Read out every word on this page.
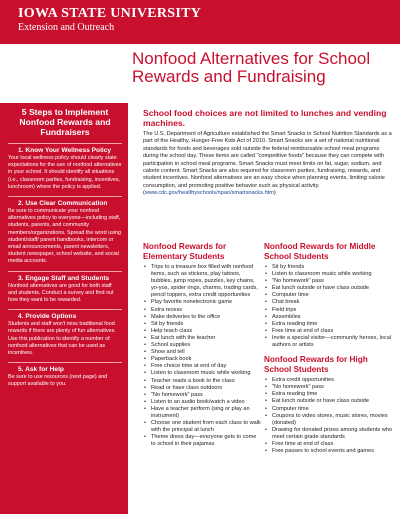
IOWA STATE UNIVERSITY
Extension and Outreach
Nonfood Alternatives for School Rewards and Fundraising
5 Steps to Implement Nonfood Rewards and Fundraisers
1. Know Your Wellness Policy
Your local wellness policy should clearly state expectations for the use of nonfood alternatives in your school. It should identify all situations (i.e., classroom parties, fundraising, incentives, lunchroom) where the policy is applied.
2. Use Clear Communication
Be sure to communicate your nonfood alternatives policy to everyone—including staff, students, parents, and community members/organizations. Spread the word using student/staff/ parent handbooks, intercom or email announcements, parent newsletters, student newspaper, school website, and social media accounts.
3. Engage Staff and Students
Nonfood alternatives are good for both staff and students. Conduct a survey and find out how they want to be rewarded.
4. Provide Options
Students and staff won't miss traditional food rewards if there are plenty of fun alternatives. Use this publication to identify a number of nonfood alternatives that can be used as incentives.
5. Ask for Help
Be sure to use resources (next page) and support available to you.
School food choices are not limited to lunches and vending machines.

The U.S. Department of Agriculture established the Smart Snacks in School Nutrition Standards as a part of the Healthy, Hunger-Free Kids Act of 2010. Smart Snacks are a set of national nutritional standards for foods and beverages sold outside the federal reimbursable school meal programs during the school day. These items are called "competitive foods" because they can compete with participation in school meal programs. Smart Snacks must meet limits on fat, sugar, sodium, and calorie content. Smart Snacks are also required for classroom parties, fundraising, rewards, and student incentives. Nonfood alternatives are an easy choice when planning events, limiting calorie consumption, and promoting positive behavior such as physical activity. (www.cdc.gov/healthyschools/npao/smartsnacks.htm)

Nonfood Rewards for Elementary Students
• Trips to a treasure box filled with nonfood items, such as stickers, play tattoos, bubbles, jump ropes, puzzles, key chains, yo-yos, spider rings, charms, trading cards, pencil toppers, extra credit opportunities
• Play favorite nonelectronic game
• Extra recess
• Make deliveries to the office
• Sit by friends
• Help teach class
• Eat lunch with the teacher
• School supplies
• Show and tell
• Paperback book
• Free choice time at end of day
• Listen to classroom music while working
• Teacher reads a book to the class
• Read or have class outdoors
• "No homework" pass
• Listen to an audio book/watch a video
• Have a teacher perform (sing or play an instrument)
• Choose one student from each class to walk with the principal at lunch
• Theme dress day—everyone gets to come to school in their pajamas
Nonfood Rewards for Middle School Students
• Sit by friends
• Listen to classroom music while working
• "No homework" pass
• Eat lunch outside or have class outside
• Computer time
• Chat break
• Field trips
• Assemblies
• Extra reading time
• Free time at end of class
• Invite a special visitor—community heroes, local authors or artists
Nonfood Rewards for High School Students
• Extra credit opportunities
• "No homework" pass
• Extra reading time
• Eat lunch outside or have class outside
• Computer time
• Coupons to video stores, music stores, movies (donated)
• Drawing for donated prizes among students who meet certain grade standards
• Free time at end of class
• Free passes to school events and games
